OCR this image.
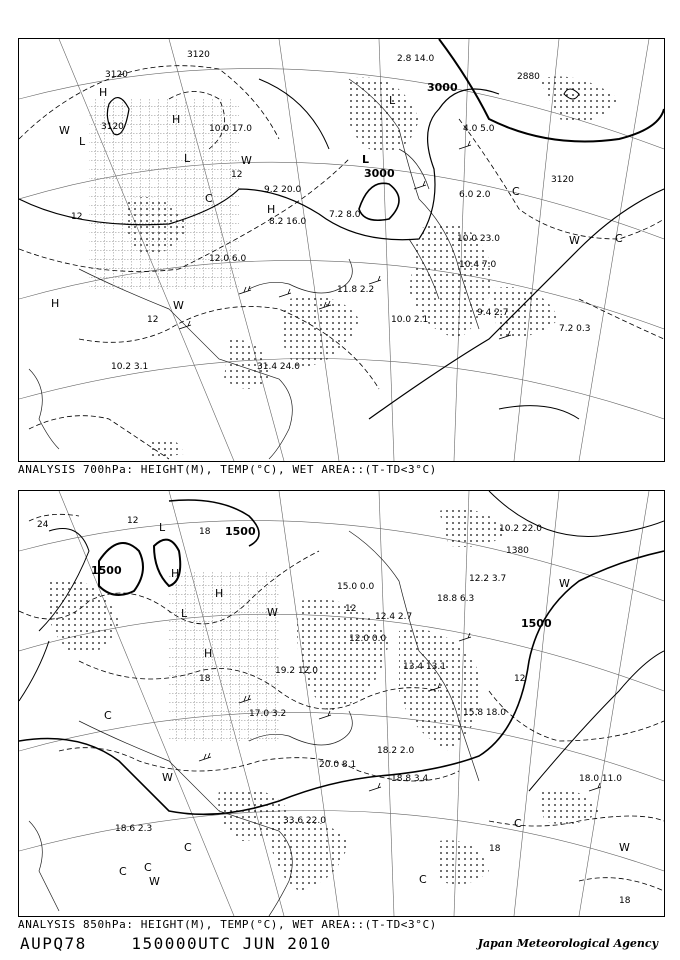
3120
3120
3120
3000
3000
2880
3120
12
12
12
H
H
H
H
L
L	L
L
W
W
W
W
C
C
C
9.2 20.0
8.2 16.0
7.2 8.0
12.0 6.0
11.8 2.2
10.0 2.1
9.4 2.7
7.2 0.3
10.2 3.1	31.4 24.0
10.0 17.0
6.0 2.0
10.0 23.0
10.4 7.0
4.0 5.0
2.8 14.0
ANALYSIS 700hPa: HEIGHT(M), TEMP(°C), WET AREA::(T-TD<3°C)
1500
1500
1500
1380
24
18
18
18
18
12
12
12
H
H
H
L
L	W
W
W
W
W
C
C
C
C
C
C
15.0 0.0
12.0 0.0
12.4 2.7
18.8 6.3
18.2 2.0
18.8 3.4	18.0 11.0
15.8 18.0
19.2 12.0
20.0 8.1
17.0 3.2
12.2 3.7
13.4 13.1
10.2 22.0
18.6 2.3
33.6 22.0
ANALYSIS 850hPa: HEIGHT(M), TEMP(°C), WET AREA::(T-TD<3°C)
AUPQ78	150000UTC JUN 2010	Japan Meteorological Agency
